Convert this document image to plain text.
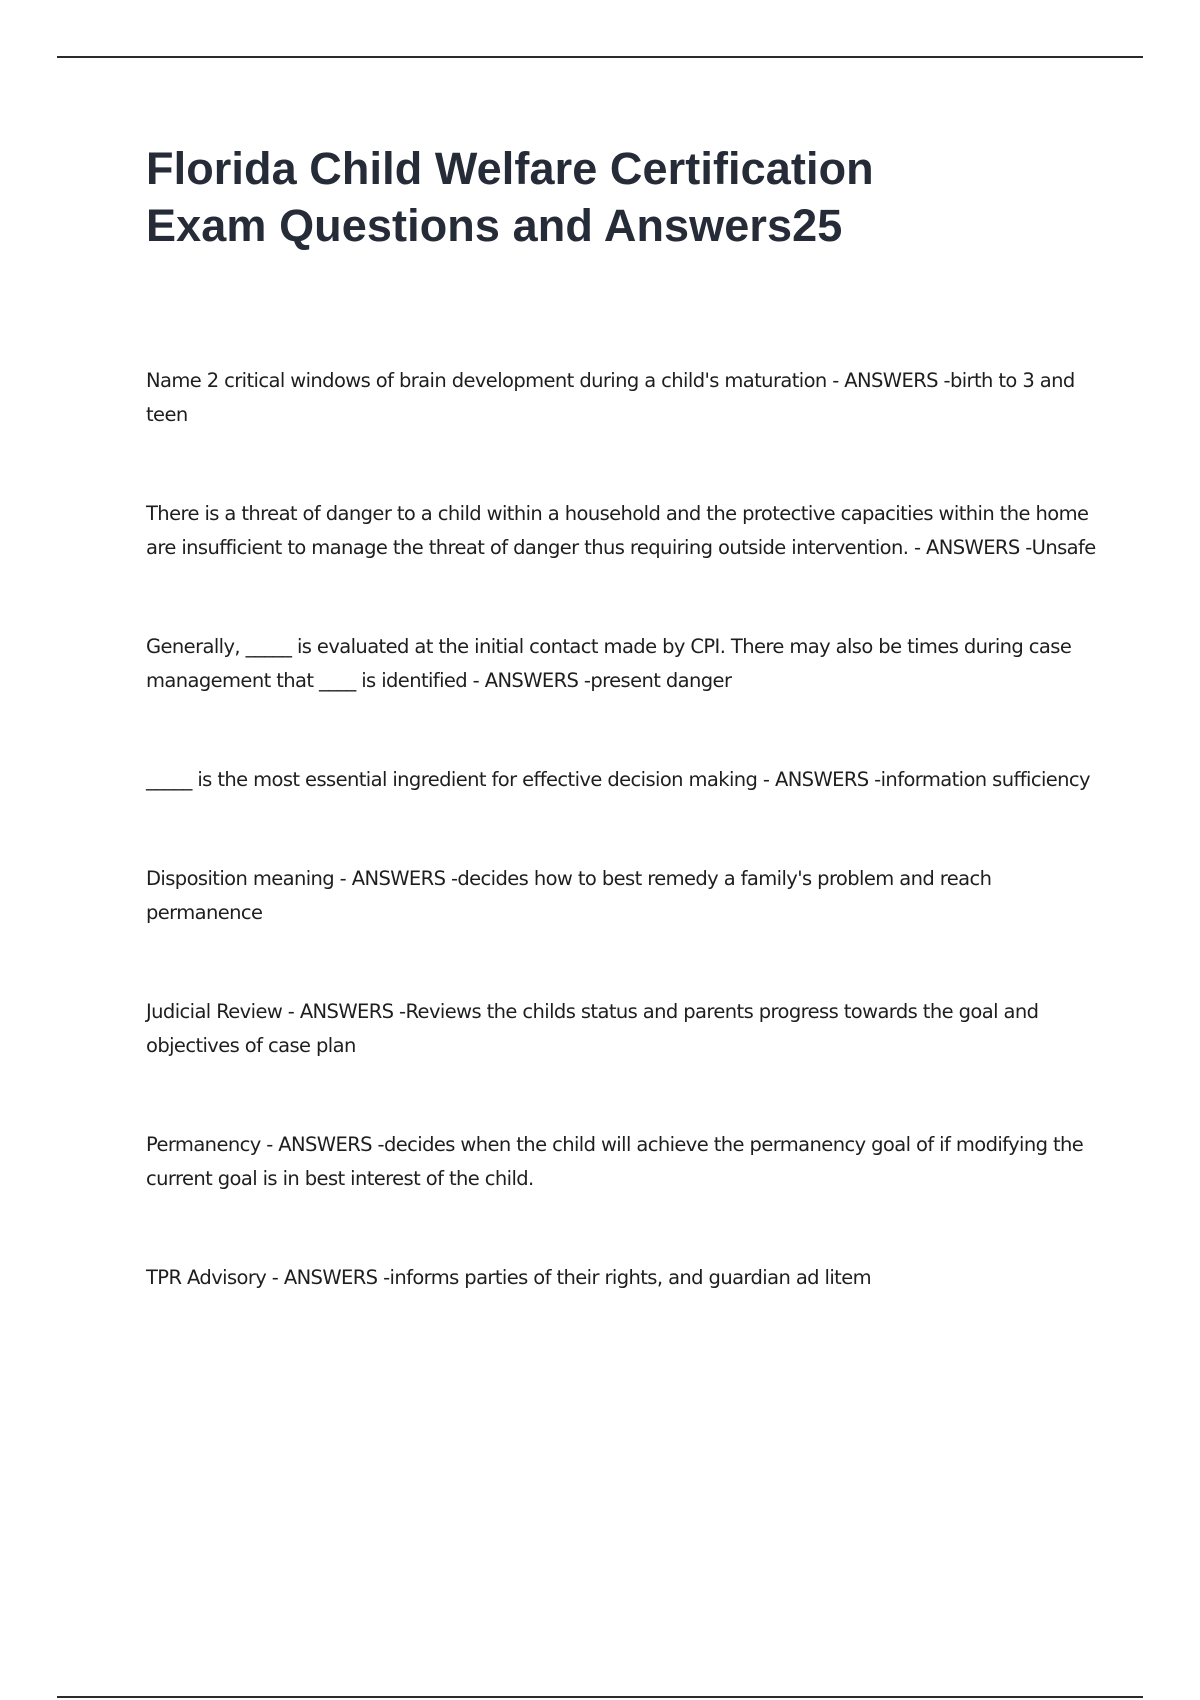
Florida Child Welfare Certification
Exam Questions and Answers25

Name 2 critical windows of brain development during a child's maturation - ANSWERS -birth to 3 and teen

There is a threat of danger to a child within a household and the protective capacities within the home are insufficient to manage the threat of danger thus requiring outside intervention. - ANSWERS -Unsafe

Generally, _____ is evaluated at the initial contact made by CPI. There may also be times during case management that ____ is identified - ANSWERS -present danger

_____ is the most essential ingredient for effective decision making - ANSWERS -information sufficiency

Disposition meaning - ANSWERS -decides how to best remedy a family's problem and reach permanence

Judicial Review - ANSWERS -Reviews the childs status and parents progress towards the goal and objectives of case plan

Permanency - ANSWERS -decides when the child will achieve the permanency goal of if modifying the current goal is in best interest of the child.

TPR Advisory - ANSWERS -informs parties of their rights, and guardian ad litem
